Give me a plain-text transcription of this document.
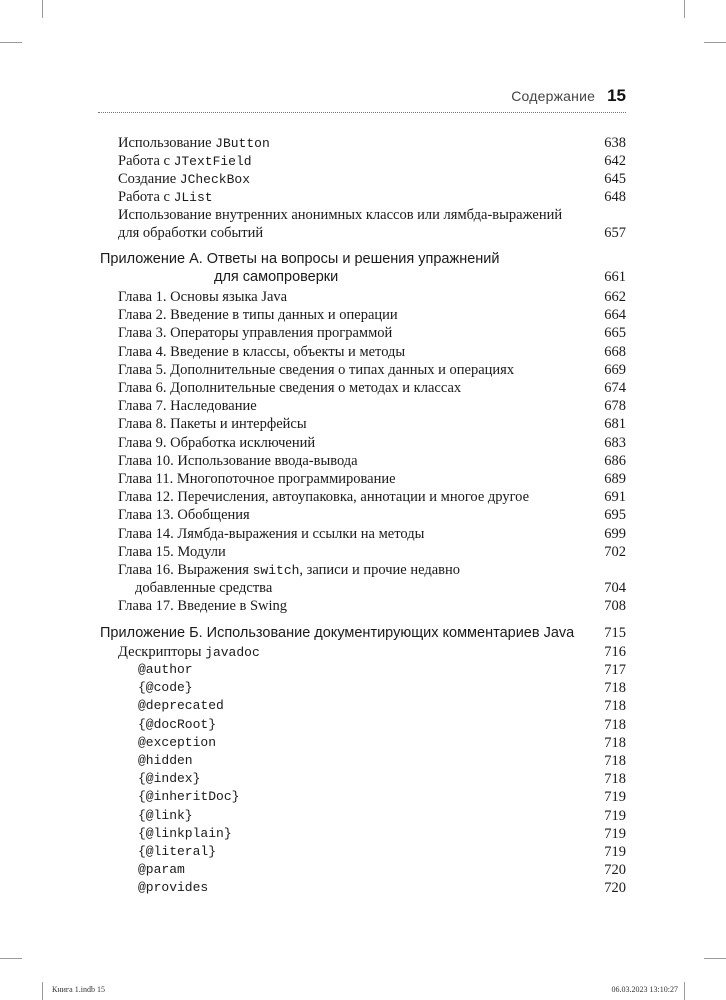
Содержание 15
Использование JButton	638
Работа с JTextField	642
Создание JCheckBox	645
Работа с JList	648
Использование внутренних анонимных классов или лямбда-выражений
для обработки событий	657
Приложение А. Ответы на вопросы и решения упражнений
для самопроверки	661
Глава 1. Основы языка Java	662
Глава 2. Введение в типы данных и операции	664
Глава 3. Операторы управления программой	665
Глава 4. Введение в классы, объекты и методы	668
Глава 5. Дополнительные сведения о типах данных и операциях	669
Глава 6. Дополнительные сведения о методах и классах	674
Глава 7. Наследование	678
Глава 8. Пакеты и интерфейсы	681
Глава 9. Обработка исключений	683
Глава 10. Использование ввода-вывода	686
Глава 11. Многопоточное программирование	689
Глава 12. Перечисления, автоупаковка, аннотации и многое другое	691
Глава 13. Обобщения	695
Глава 14. Лямбда-выражения и ссылки на методы	699
Глава 15. Модули	702
Глава 16. Выражения switch, записи и прочие недавно
добавленные средства	704
Глава 17. Введение в Swing	708
Приложение Б. Использование документирующих комментариев Java 715
Дескрипторы javadoc	716
@author	717
{@code}	718
@deprecated	718
{@docRoot}	718
@exception	718
@hidden	718
{@index}	718
{@inheritDoc}	719
{@link}	719
{@linkplain}	719
{@literal}	719
@param	720
@provides	720
Книга 1.indb 15	06.03.2023 13:10:27
